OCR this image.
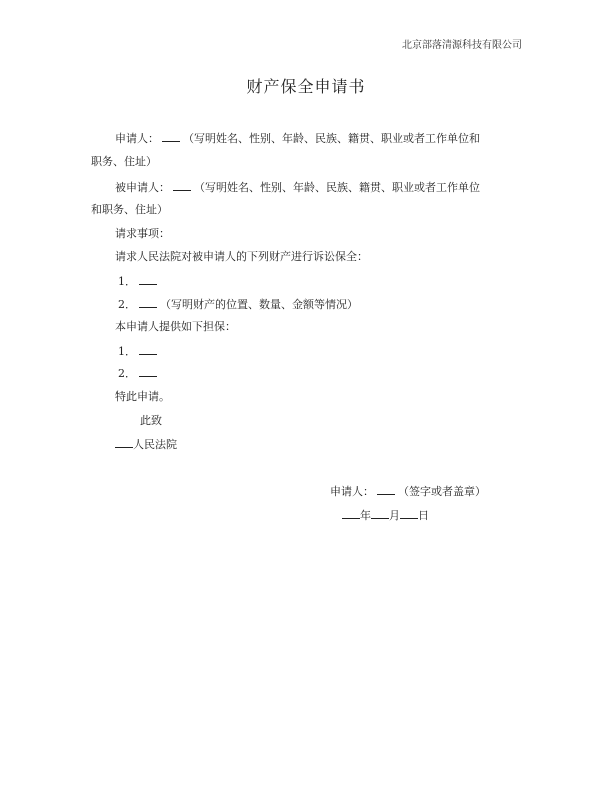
北京部落清源科技有限公司
财产保全申请书
申请人： （写明姓名、性别、年龄、民族、籍贯、职业或者工作单位和
职务、住址）
被申请人： （写明姓名、性别、年龄、民族、籍贯、职业或者工作单位
和职务、住址）
请求事项：
请求人民法院对被申请人的下列财产进行诉讼保全：
1．
2． （写明财产的位置、数量、金额等情况）
本申请人提供如下担保：
1．
2．
特此申请。
此致
人民法院
申请人： （签字或者盖章）
年 月 日
